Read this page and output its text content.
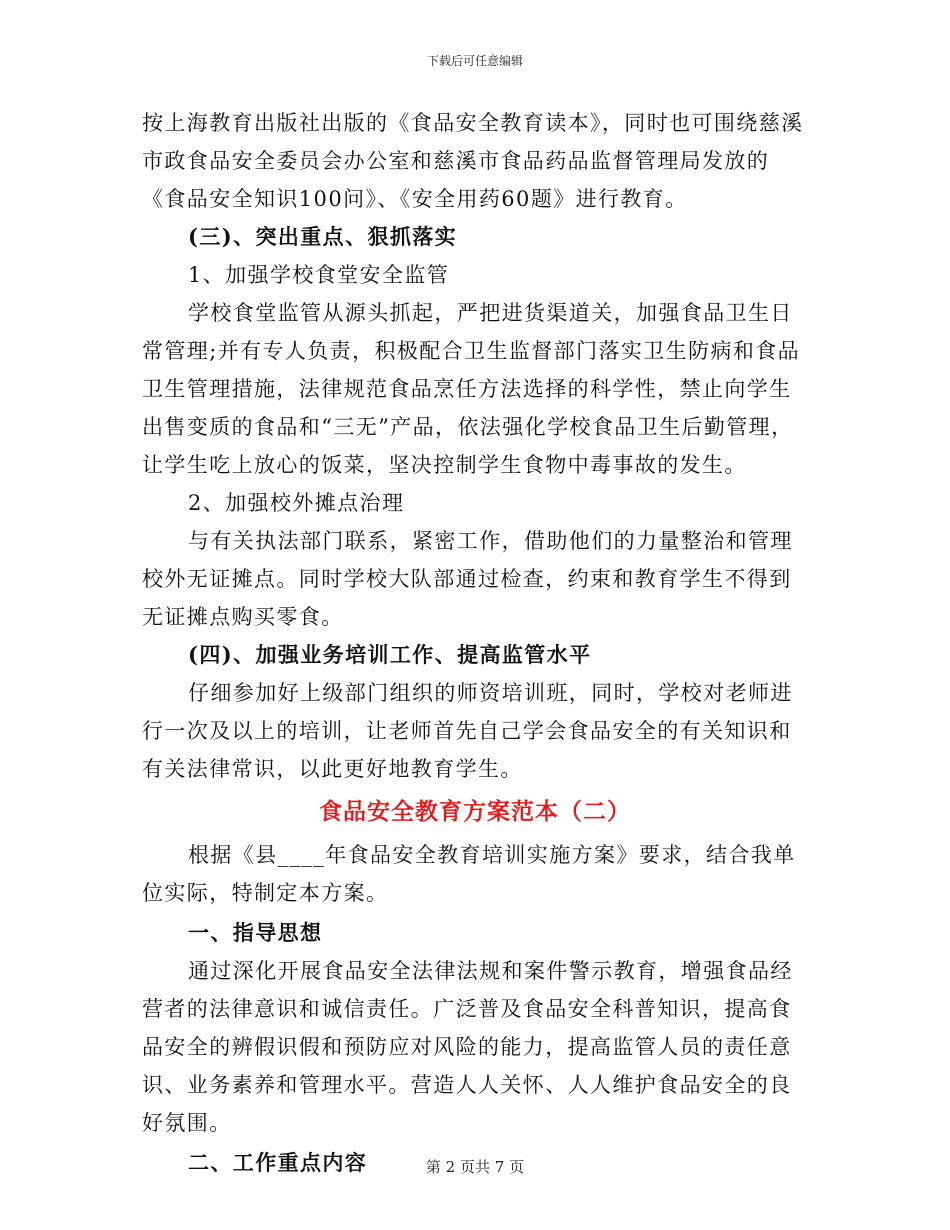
下载后可任意编辑

按上海教育出版社出版的《食品安全教育读本》，同时也可围绕慈溪市政食品安全委员会办公室和慈溪市食品药品监督管理局发放的《食品安全知识100问》、《安全用药60题》进行教育。

(三)、突出重点、狠抓落实

1、加强学校食堂安全监管

学校食堂监管从源头抓起，严把进货渠道关，加强食品卫生日常管理;并有专人负责，积极配合卫生监督部门落实卫生防病和食品卫生管理措施，法律规范食品烹任方法选择的科学性，禁止向学生出售变质的食品和“三无”产品，依法强化学校食品卫生后勤管理，让学生吃上放心的饭菜，坚决控制学生食物中毒事故的发生。

2、加强校外摊点治理

与有关执法部门联系，紧密工作，借助他们的力量整治和管理校外无证摊点。同时学校大队部通过检查，约束和教育学生不得到无证摊点购买零食。

(四)、加强业务培训工作、提高监管水平

仔细参加好上级部门组织的师资培训班，同时，学校对老师进行一次及以上的培训，让老师首先自己学会食品安全的有关知识和有关法律常识，以此更好地教育学生。

食品安全教育方案范本（二）

根据《县____年食品安全教育培训实施方案》要求，结合我单位实际，特制定本方案。

一、指导思想

通过深化开展食品安全法律法规和案件警示教育，增强食品经营者的法律意识和诚信责任。广泛普及食品安全科普知识，提高食品安全的辨假识假和预防应对风险的能力，提高监管人员的责任意识、业务素养和管理水平。营造人人关怀、人人维护食品安全的良好氛围。

二、工作重点内容	第 2 页共 7 页
